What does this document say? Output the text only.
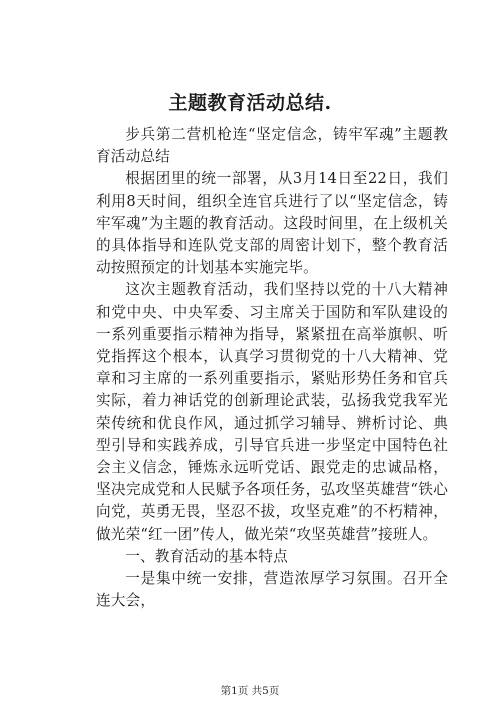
主题教育活动总结.

步兵第二营机枪连“坚定信念，铸牢军魂”主题教育活动总结

根据团里的统一部署，从3月14日至22日，我们利用8天时间，组织全连官兵进行了以“坚定信念，铸牢军魂”为主题的教育活动。这段时间里，在上级机关的具体指导和连队党支部的周密计划下，整个教育活动按照预定的计划基本实施完毕。

这次主题教育活动，我们坚持以党的十八大精神和党中央、中央军委、习主席关于国防和军队建设的一系列重要指示精神为指导，紧紧扭在高举旗帜、听党指挥这个根本，认真学习贯彻党的十八大精神、党章和习主席的一系列重要指示，紧贴形势任务和官兵实际，着力神话党的创新理论武装，弘扬我党我军光荣传统和优良作风，通过抓学习辅导、辨析讨论、典型引导和实践养成，引导官兵进一步坚定中国特色社会主义信念，锤炼永远听党话、跟党走的忠诚品格，坚决完成党和人民赋予各项任务，弘攻坚英雄营“铁心向党，英勇无畏，坚忍不拔，攻坚克难”的不朽精神，做光荣“红一团”传人，做光荣“攻坚英雄营”接班人。

一、教育活动的基本特点

一是集中统一安排，营造浓厚学习氛围。召开全连大会，

第1页 共5页
